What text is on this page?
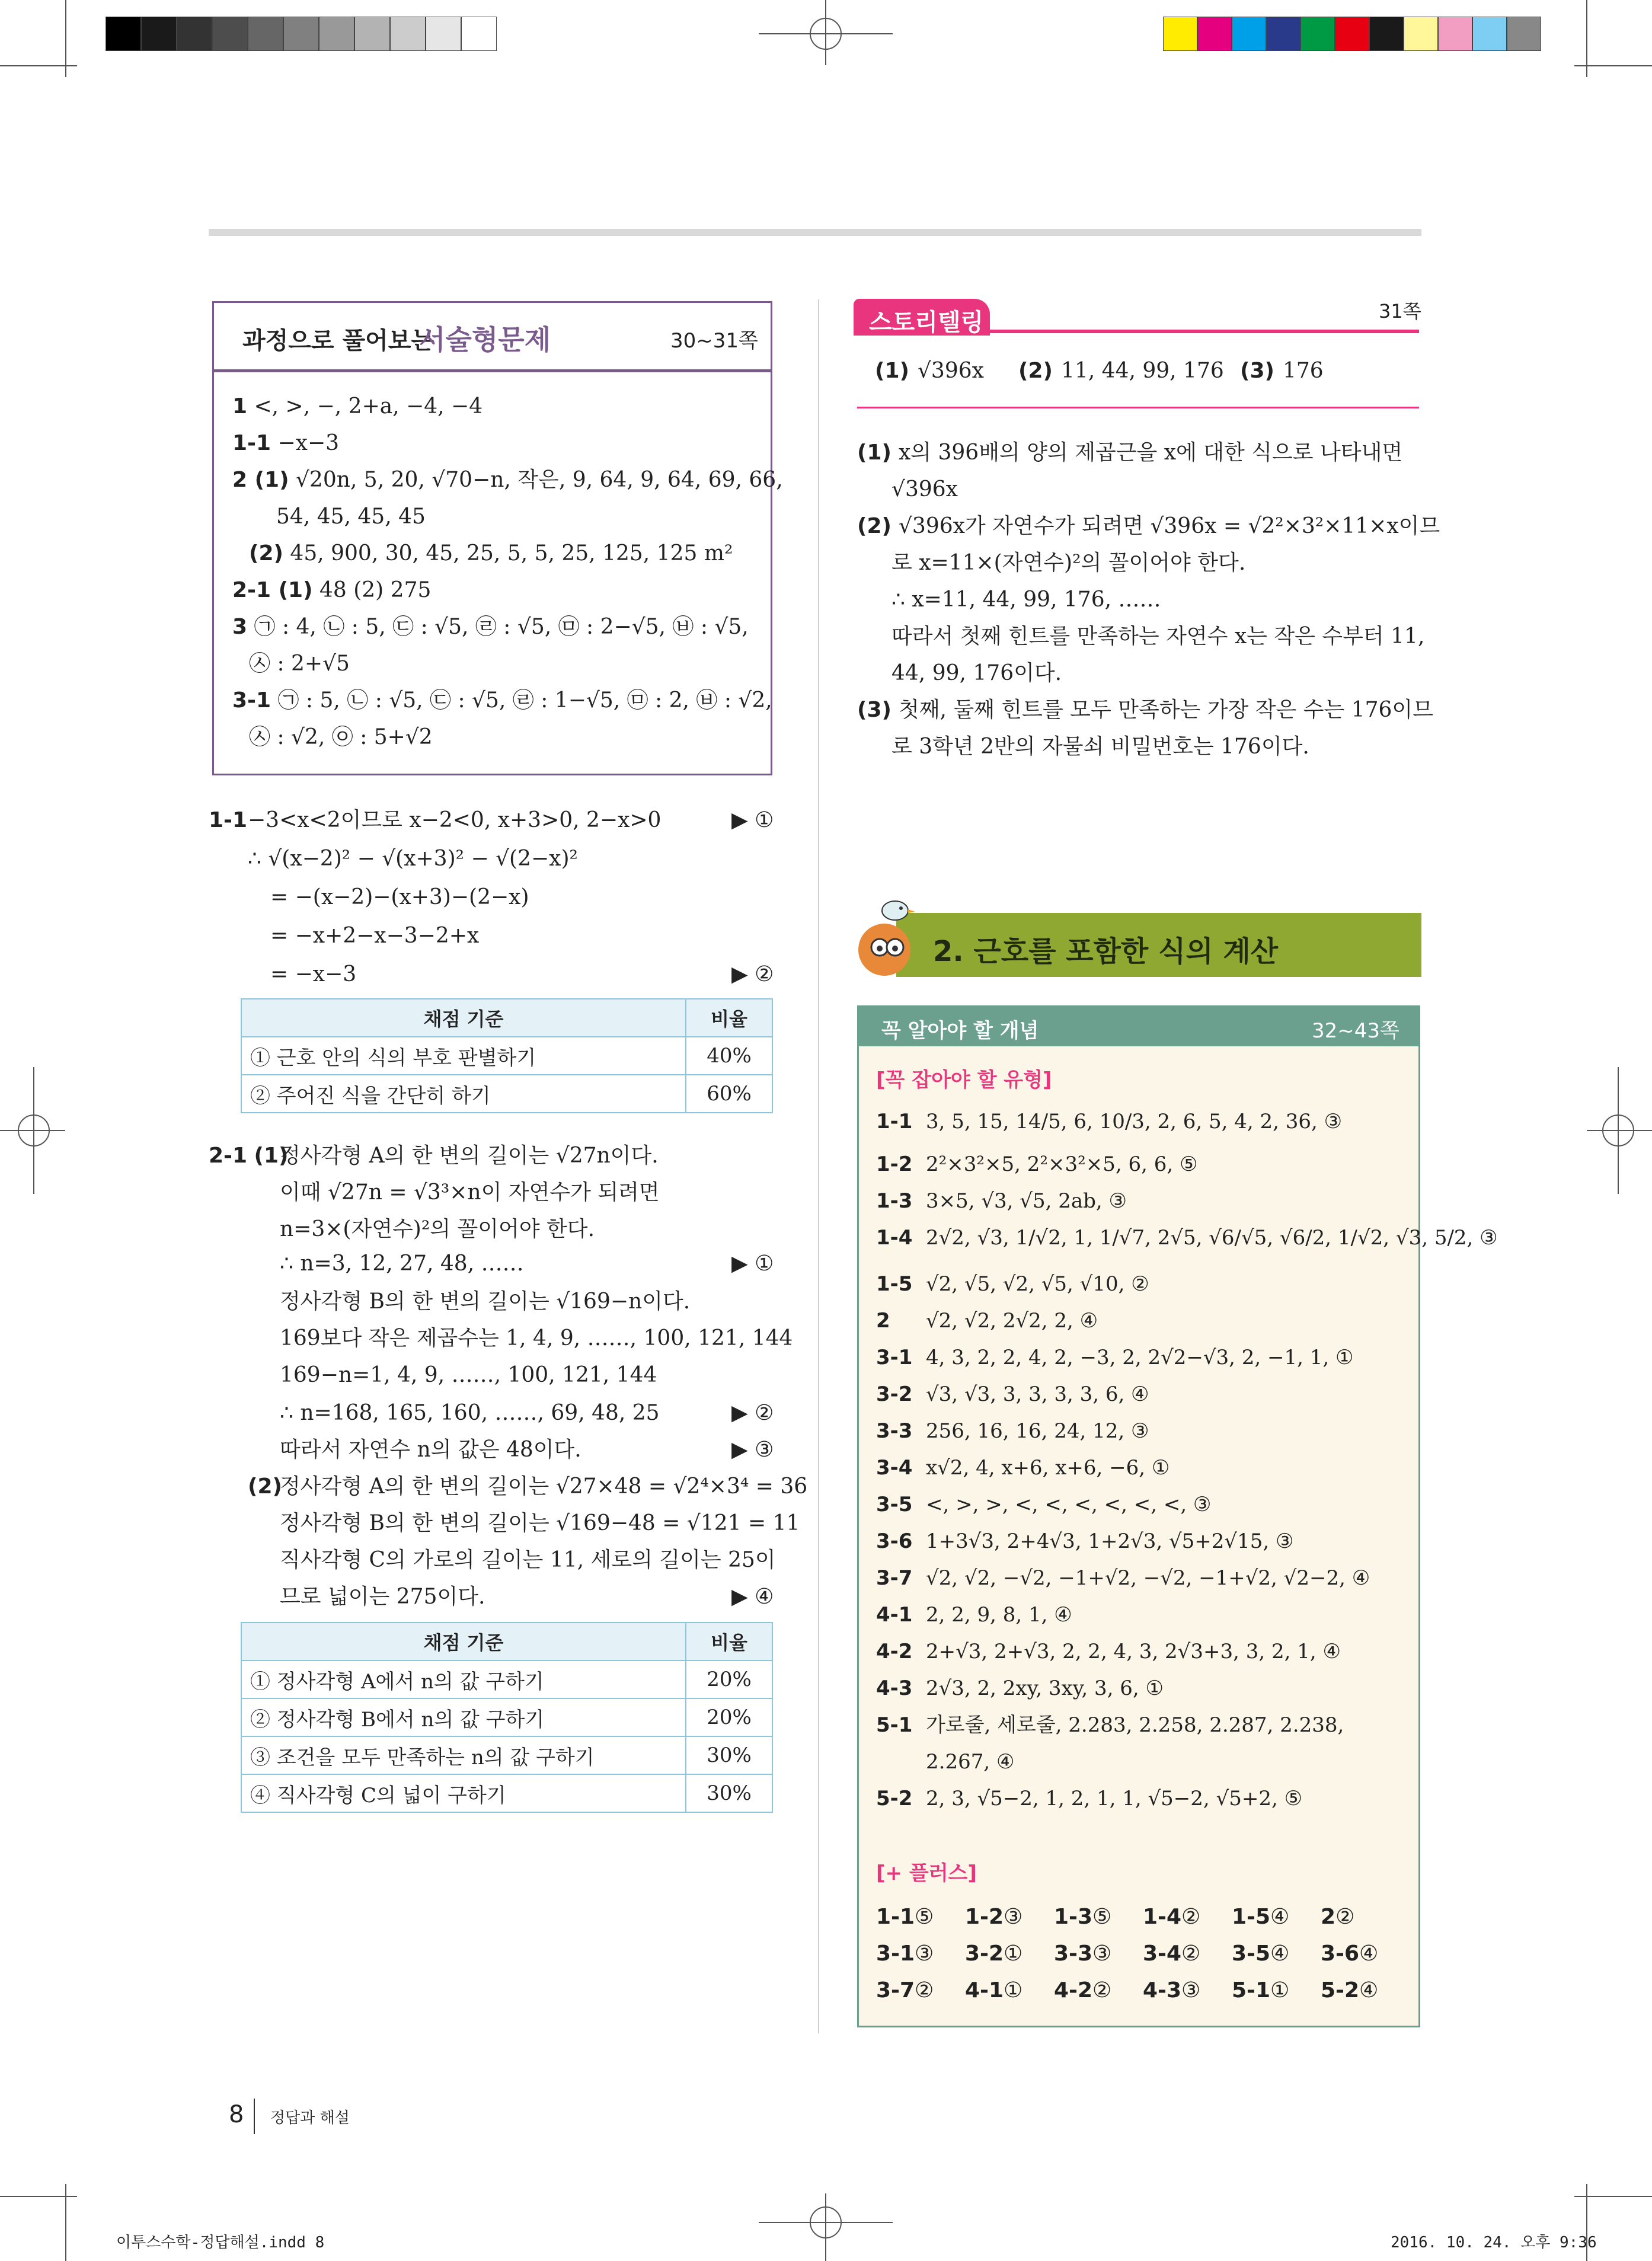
과정으로 풀어보는
서술형문제	30~31쪽
1 <, >, −, 2+a, −4, −4
1-1 −x−3
2 (1) √20n, 5, 20, √70−n, 작은, 9, 64, 9, 64, 69, 66,
54, 45, 45, 45
(2) 45, 900, 30, 45, 25, 5, 5, 25, 125, 125 m²
2-1 (1) 48 (2) 275
3 ㉠ : 4, ㉡ : 5, ㉢ : √5, ㉣ : √5, ㉤ : 2−√5, ㉥ : √5,
㉦ : 2+√5
3-1 ㉠ : 5, ㉡ : √5, ㉢ : √5, ㉣ : 1−√5, ㉤ : 2, ㉥ : √2,
㉦ : √2, ㉧ : 5+√2
1-1 −3<x<2이므로 x−2<0, x+3>0, 2−x>0
∴ √(x−2)² − √(x+3)² − √(2−x)²
= −(x−2)−(x+3)−(2−x)
= −x+2−x−3−2+x
= −x−3
▶ ①
▶ ②
채점 기준	비율
① 근호 안의 식의 부호 판별하기	40%
② 주어진 식을 간단히 하기	60%
2-1 (1)
(2)
정사각형 A의 한 변의 길이는 √27n이다.
이때 √27n = √3³×n이 자연수가 되려면
n=3×(자연수)²의 꼴이어야 한다.
∴ n=3, 12, 27, 48, ……
정사각형 B의 한 변의 길이는 √169−n이다.
169보다 작은 제곱수는 1, 4, 9, ……, 100, 121, 144
169−n=1, 4, 9, ……, 100, 121, 144
∴ n=168, 165, 160, ……, 69, 48, 25
따라서 자연수 n의 값은 48이다.
정사각형 A의 한 변의 길이는 √27×48 = √2⁴×3⁴ = 36
정사각형 B의 한 변의 길이는 √169−48 = √121 = 11
직사각형 C의 가로의 길이는 11, 세로의 길이는 25이
므로 넓이는 275이다.
▶ ①
▶ ②
▶ ③
▶ ④
채점 기준	비율
① 정사각형 A에서 n의 값 구하기	20%
② 정사각형 B에서 n의 값 구하기	20%
③ 조건을 모두 만족하는 n의 값 구하기	30%
④ 직사각형 C의 넓이 구하기	30%
스토리텔링	31쪽
(1) √396x (2) 11, 44, 99, 176 (3) 176
(1) x의 396배의 양의 제곱근을 x에 대한 식으로 나타내면
√396x
(2) √396x가 자연수가 되려면 √396x = √2²×3²×11×x이므
로 x=11×(자연수)²의 꼴이어야 한다.
∴ x=11, 44, 99, 176, ……
따라서 첫째 힌트를 만족하는 자연수 x는 작은 수부터 11,
44, 99, 176이다.
(3) 첫째, 둘째 힌트를 모두 만족하는 가장 작은 수는 176이므
로 3학년 2반의 자물쇠 비밀번호는 176이다.
2. 근호를 포함한 식의 계산
꼭 알아야 할 개념	32~43쪽
[꼭 잡아야 할 유형]
1-1 3, 5, 15, 14/5, 6, 10/3, 2, 6, 5, 4, 2, 36, ③
1-2 2²×3²×5, 2²×3²×5, 6, 6, ⑤
1-3 3×5, √3, √5, 2ab, ③
1-4 2√2, √3, 1/√2, 1, 1/√7, 2√5, √6/√5, √6/2, 1/√2, √3, 5/2, ③
1-5 √2, √5, √2, √5, √10, ②
2 √2, √2, 2√2, 2, ④
3-1 4, 3, 2, 2, 4, 2, −3, 2, 2√2−√3, 2, −1, 1, ①
3-2 √3, √3, 3, 3, 3, 3, 6, ④
3-3 256, 16, 16, 24, 12, ③
3-4 x√2, 4, x+6, x+6, −6, ①
3-5 <, >, >, <, <, <, <, <, <, ③
3-6 1+3√3, 2+4√3, 1+2√3, √5+2√15, ③
3-7 √2, √2, −√2, −1+√2, −√2, −1+√2, √2−2, ④
4-1 2, 2, 9, 8, 1, ④
4-2 2+√3, 2+√3, 2, 2, 4, 3, 2√3+3, 3, 2, 1, ④
4-3 2√3, 2, 2xy, 3xy, 3, 6, ①
5-1 가로줄, 세로줄, 2.283, 2.258, 2.287, 2.238,
2.267, ④
5-2 2, 3, √5−2, 1, 2, 1, 1, √5−2, √5+2, ⑤
[+ 플러스]
1-1⑤ 1-2③ 1-3⑤ 1-4② 1-5④ 2②
3-1③ 3-2① 3-3③ 3-4② 3-5④ 3-6④
3-7② 4-1① 4-2② 4-3③ 5-1① 5-2④
8 정답과 해설
이투스수학-정답해설.indd 8	2016. 10. 24. 오후 9:36
